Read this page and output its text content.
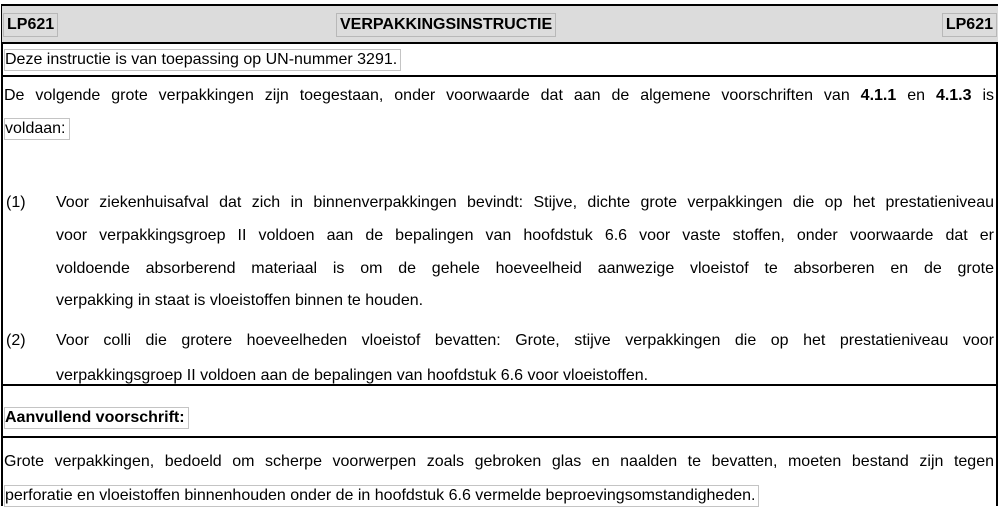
LP621	VERPAKKINGSINSTRUCTIE	LP621
Deze instructie is van toepassing op UN-nummer 3291.
De volgende grote verpakkingen zijn toegestaan, onder voorwaarde dat aan de algemene voorschriften van 4.1.1 en 4.1.3 is
voldaan:
(1) Voor ziekenhuisafval dat zich in binnenverpakkingen bevindt: Stijve, dichte grote verpakkingen die op het prestatieniveau
voor verpakkingsgroep II voldoen aan de bepalingen van hoofdstuk 6.6 voor vaste stoffen, onder voorwaarde dat er
voldoende absorberend materiaal is om de gehele hoeveelheid aanwezige vloeistof te absorberen en de grote
verpakking in staat is vloeistoffen binnen te houden.
(2) Voor colli die grotere hoeveelheden vloeistof bevatten: Grote, stijve verpakkingen die op het prestatieniveau voor
verpakkingsgroep II voldoen aan de bepalingen van hoofdstuk 6.6 voor vloeistoffen.
Aanvullend voorschrift:
Grote verpakkingen, bedoeld om scherpe voorwerpen zoals gebroken glas en naalden te bevatten, moeten bestand zijn tegen
perforatie en vloeistoffen binnenhouden onder de in hoofdstuk 6.6 vermelde beproevingsomstandigheden.
